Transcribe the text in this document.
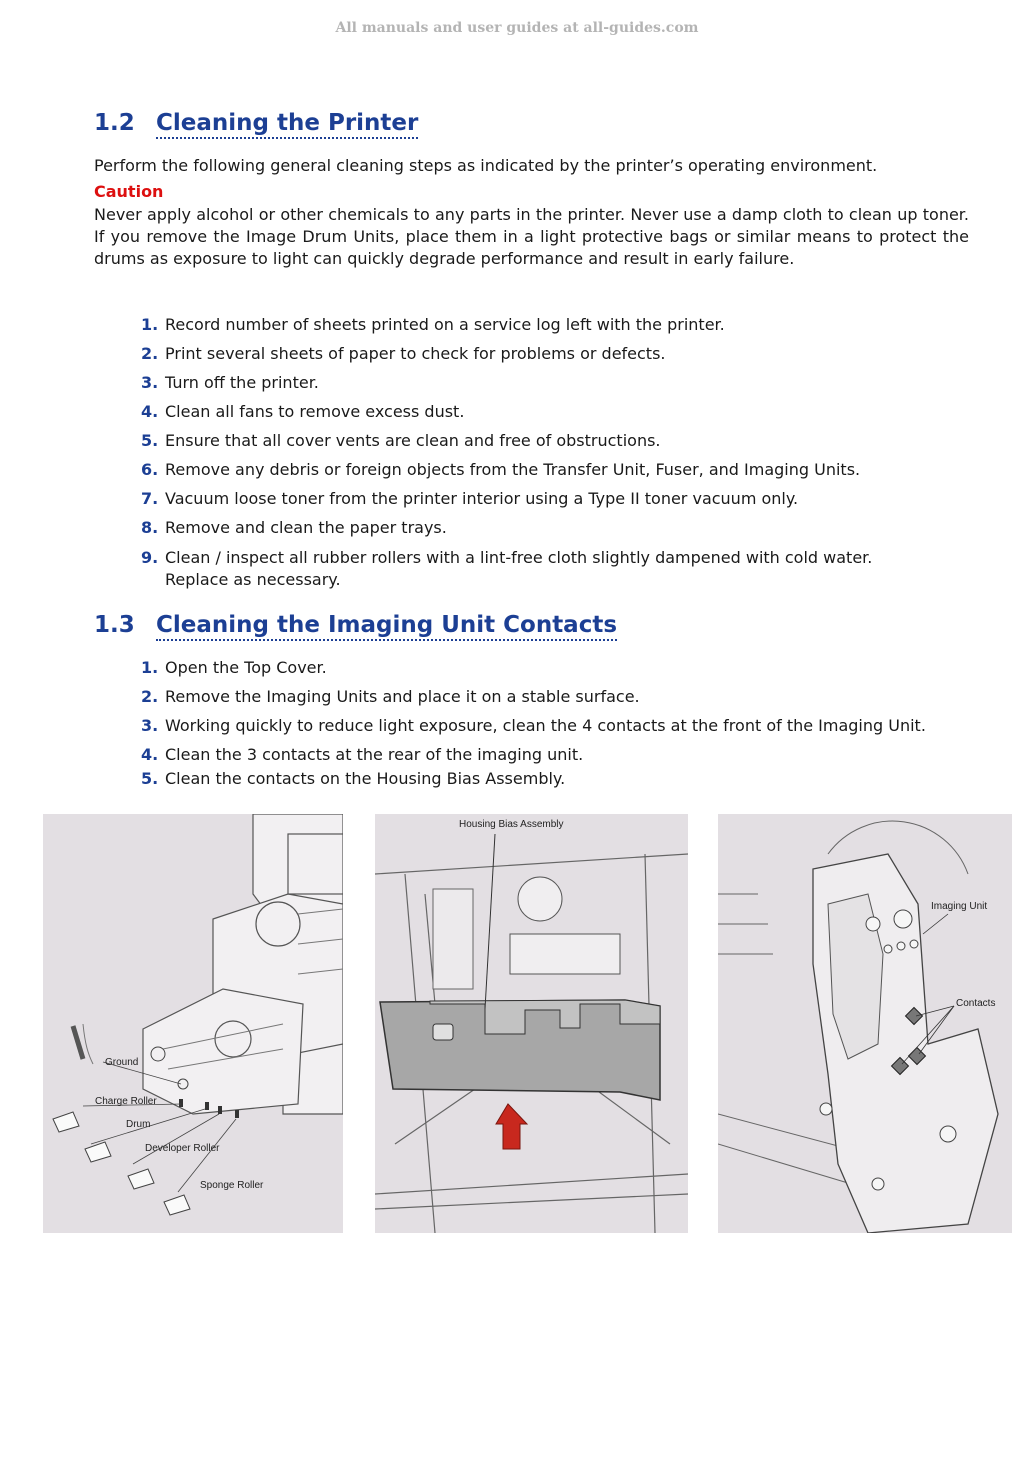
All manuals and user guides at all-guides.com
1.2 Cleaning the Printer
Perform the following general cleaning steps as indicated by the printer’s operating environment.
Caution
Never apply alcohol or other chemicals to any parts in the printer. Never use a damp cloth to clean up toner. If you remove the Image Drum Units, place them in a light protective bags or similar means to protect the drums as exposure to light can quickly degrade performance and result in early failure.
1. Record number of sheets printed on a service log left with the printer.
2. Print several sheets of paper to check for problems or defects.
3. Turn off the printer.
4. Clean all fans to remove excess dust.
5. Ensure that all cover vents are clean and free of obstructions.
6. Remove any debris or foreign objects from the Transfer Unit, Fuser, and Imaging Units.
7. Vacuum loose toner from the printer interior using a Type II toner vacuum only.
8. Remove and clean the paper trays.
9. Clean / inspect all rubber rollers with a lint-free cloth slightly dampened with cold water.
Replace as necessary.
1.3 Cleaning the Imaging Unit Contacts
1. Open the Top Cover.
2. Remove the Imaging Units and place it on a stable surface.
3. Working quickly to reduce light exposure, clean the 4 contacts at the front of the Imaging Unit.
4. Clean the 3 contacts at the rear of the imaging unit.
5. Clean the contacts on the Housing Bias Assembly.
Ground
Charge Roller
Drum
Developer Roller
Sponge Roller
Housing Bias Assembly
Imaging Unit
Contacts
